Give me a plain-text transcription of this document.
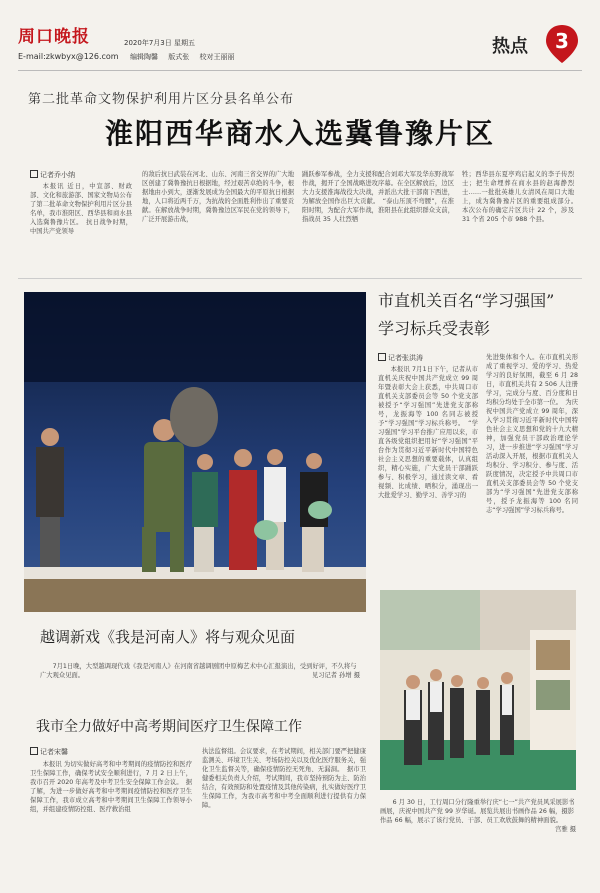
周口晚报
E-mail:zkwbyx@126.com
2020年7月3日 星期五
编辑陶馨 版式张 校对王丽丽	热点	3
第二批革命文物保护利用片区分县名单公布
淮阳西华商水入选冀鲁豫片区
记者乔小纳

本报讯 近日，中宣部、财政部、文化和旅游部、国家文物局公布了第二批革命文物保护利用片区分县名单，我市淮阳区、西华县和商水县入选冀鲁豫片区。　抗日战争时期，中国共产党领导

的敌后抗日武装在河北、山东、河南三省交界的广大地区创建了冀鲁豫抗日根据地，经过艰苦卓绝的斗争，根据地由小到大，逐渐发展成为全国最大的平原抗日根据地，人口将近两千万，为抗战的全面胜利作出了重要贡献。在解放战争时期，冀鲁豫边区军民在党的领导下，广泛开展游击战，

踊跃参军参战，全力支援和配合刘邓大军及华东野战军作战，揭开了全国战略进攻序幕。在全区解放后，边区大力支援淮海战役大决战，并派出大批干部南下西进，为解放全国作出巨大贡献。　“泰山压顶不弯腰”，在淮阳时期，为配合大军作战，淮阳县在此组织群众支前，指战员 35 人壮烈牺

牲；西华县东夏亭鸡启起义的李子传烈士；把生命埋葬在商水县的赵海静烈士……一批批英雄儿女清风在周口大地上，成为冀鲁豫片区的重要组成部分。　本次公布的确定片区共计 22 个，涉及 31 个省 205 个市 988 个县。

越调新戏《我是河南人》将与观众见面
7月1日晚，大型越调现代戏《我是河南人》在河南省越调剧团中原梅艺术中心汇报演出，受到好评，不久将与广大观众见面。	见习记者 孙增 摄
市直机关百名“学习强国”
学习标兵受表彰
记者张洪涛

本报讯 7月1日下午，记者从市直机关庆祝中国共产党成立 99 周年暨表彰大会上获悉，中共周口市直机关支部委员会等 50 个党支部被授予“学习强国”先进党支部称号，龙振海等 100 名同志被授予“学习强国”学习标兵称号。　“学习强国”学习平台推广应用以来，市直各级党组织把用好“学习强国”平台作为贯彻习近平新时代中国特色社会主义思想的重要载体，认真组织，精心实施，广大党员干部踊跃参与、积极学习，通过读文章、看视频、比成绩、晒积分，涌现出一大批爱学习、勤学习、善学习的

先进集体和个人。在市直机关形成了重视学习、爱的学习、热爱学习的良好氛围，截至 6 月 28 日，市直机关共有 2 506 人注册学习，完成分与度、百分度和日均积分均处于全市第一位。　为庆祝中国共产党成立 99 周年，深入学习贯彻习近平新时代中国特色社会主义思想和党的十九大精神，加强党员干部政治理论学习，进一步推进“学习强国”学习活动深入开展，根据市直机关人均积分、学习积分、参与度、活跃度情况，决定授予中共周口市直机关支部委员会等 50 个党支部为“学习强国”先进党支部称号，授予龙振海等 100 名同志“学习强国”学习标兵称号。

6 月 30 日，工行周口分行隆重举行庆“七一”共产党员风采展影书画展，庆祝中国共产党 99 岁华诞。展览共展出书画作品 26 幅，摄影作品 66 幅，展示了该行党员、干部、员工欢欣鼓舞的精神面貌。
宫雅 摄
我市全力做好中高考期间医疗卫生保障工作
记者宋馨

本报讯 为切实做好高考和中考期间的疫情防控和医疗卫生保障工作，确保考试安全顺利进行，7 月 2 日上午，我市召开 2020 年高考及中考卫生安全保障工作会议。　据了解，为进一步做好高考和中考期间疫情防控和医疗卫生保障工作，我市成立高考和中考期间卫生保障工作领导小组，并组建疫情防控组、医疗救治组

执法监督组。会议要求，在考试期间，相关部门要严把健康监测关、环境卫生关、考场防控关以及优化医疗服务关，强化卫生监督关等，确保疫情防控无死角、无漏洞。　据市卫健委相关负责人介绍，考试期间，我市坚持预防为主、防治结合，有效预防和处置疫情及其他传染病，扎实做好医疗卫生保障工作，为我市高考和中考全面顺利进行提供有力保障。
